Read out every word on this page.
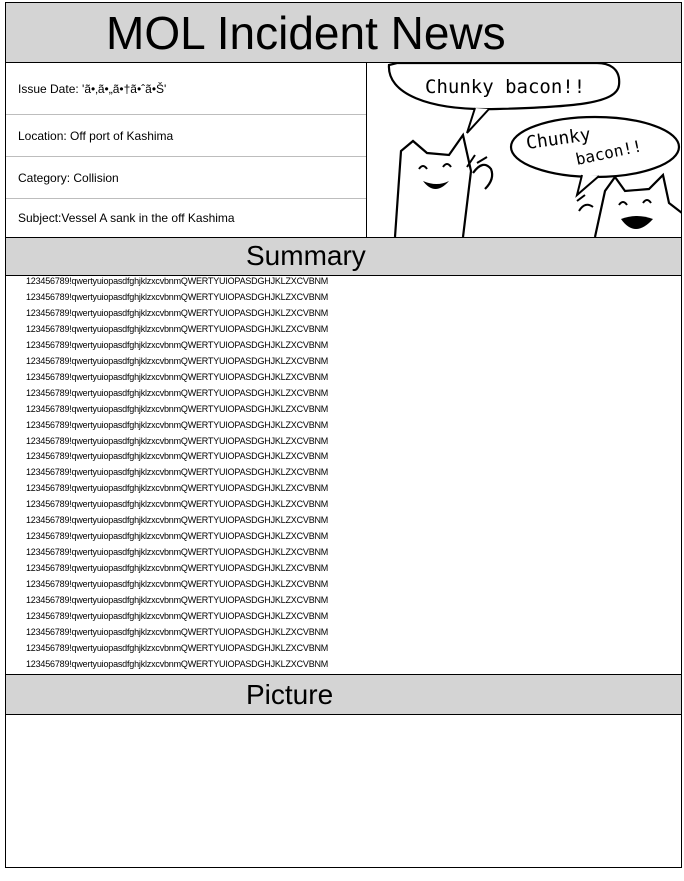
MOL Incident News
Issue Date: 'ã•‚ã•„ã•†ã•ˆã•Š'
Location: Off port of Kashima
Category: Collision
Subject:Vessel A sank in the off Kashima
Chunky bacon!!
Chunky
bacon!!
Summary
123456789!qwertyuiopasdfghjklzxcvbnmQWERTYUIOPASDGHJKLZXCVBNM
123456789!qwertyuiopasdfghjklzxcvbnmQWERTYUIOPASDGHJKLZXCVBNM
123456789!qwertyuiopasdfghjklzxcvbnmQWERTYUIOPASDGHJKLZXCVBNM
123456789!qwertyuiopasdfghjklzxcvbnmQWERTYUIOPASDGHJKLZXCVBNM
123456789!qwertyuiopasdfghjklzxcvbnmQWERTYUIOPASDGHJKLZXCVBNM
123456789!qwertyuiopasdfghjklzxcvbnmQWERTYUIOPASDGHJKLZXCVBNM
123456789!qwertyuiopasdfghjklzxcvbnmQWERTYUIOPASDGHJKLZXCVBNM
123456789!qwertyuiopasdfghjklzxcvbnmQWERTYUIOPASDGHJKLZXCVBNM
123456789!qwertyuiopasdfghjklzxcvbnmQWERTYUIOPASDGHJKLZXCVBNM
123456789!qwertyuiopasdfghjklzxcvbnmQWERTYUIOPASDGHJKLZXCVBNM
123456789!qwertyuiopasdfghjklzxcvbnmQWERTYUIOPASDGHJKLZXCVBNM
123456789!qwertyuiopasdfghjklzxcvbnmQWERTYUIOPASDGHJKLZXCVBNM
123456789!qwertyuiopasdfghjklzxcvbnmQWERTYUIOPASDGHJKLZXCVBNM
123456789!qwertyuiopasdfghjklzxcvbnmQWERTYUIOPASDGHJKLZXCVBNM
123456789!qwertyuiopasdfghjklzxcvbnmQWERTYUIOPASDGHJKLZXCVBNM
123456789!qwertyuiopasdfghjklzxcvbnmQWERTYUIOPASDGHJKLZXCVBNM
123456789!qwertyuiopasdfghjklzxcvbnmQWERTYUIOPASDGHJKLZXCVBNM
123456789!qwertyuiopasdfghjklzxcvbnmQWERTYUIOPASDGHJKLZXCVBNM
123456789!qwertyuiopasdfghjklzxcvbnmQWERTYUIOPASDGHJKLZXCVBNM
123456789!qwertyuiopasdfghjklzxcvbnmQWERTYUIOPASDGHJKLZXCVBNM
123456789!qwertyuiopasdfghjklzxcvbnmQWERTYUIOPASDGHJKLZXCVBNM
123456789!qwertyuiopasdfghjklzxcvbnmQWERTYUIOPASDGHJKLZXCVBNM
123456789!qwertyuiopasdfghjklzxcvbnmQWERTYUIOPASDGHJKLZXCVBNM
123456789!qwertyuiopasdfghjklzxcvbnmQWERTYUIOPASDGHJKLZXCVBNM
123456789!qwertyuiopasdfghjklzxcvbnmQWERTYUIOPASDGHJKLZXCVBNM
Picture
